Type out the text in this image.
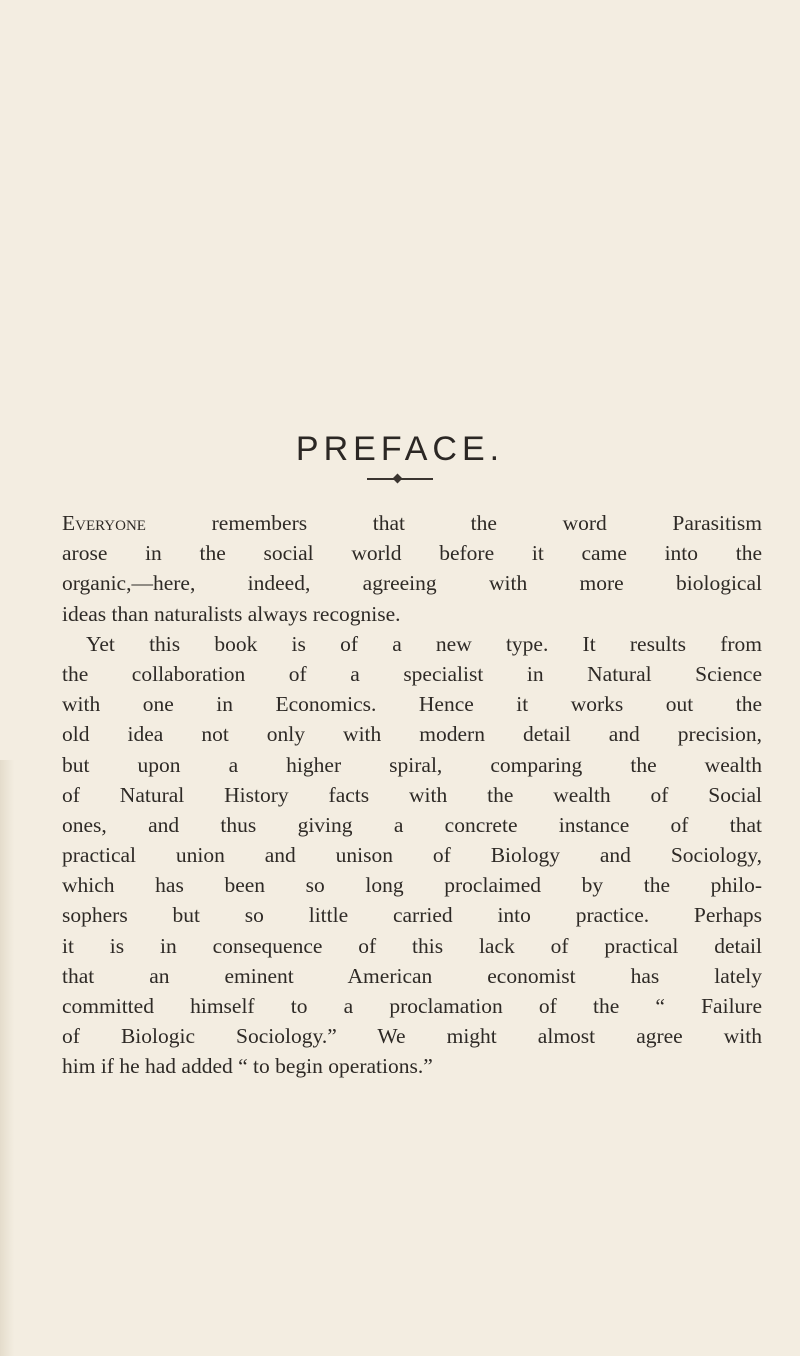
PREFACE.
Everyone remembers that the word Parasitism
arose in the social world before it came into the
organic,—here, indeed, agreeing with more biological
ideas than naturalists always recognise.
Yet this book is of a new type. It results from
the collaboration of a specialist in Natural Science
with one in Economics. Hence it works out the
old idea not only with modern detail and precision,
but upon a higher spiral, comparing the wealth
of Natural History facts with the wealth of Social
ones, and thus giving a concrete instance of that
practical union and unison of Biology and Sociology,
which has been so long proclaimed by the philo-
sophers but so little carried into practice. Perhaps
it is in consequence of this lack of practical detail
that an eminent American economist has lately
committed himself to a proclamation of the “ Failure
of Biologic Sociology.” We might almost agree with
him if he had added “ to begin operations.”
